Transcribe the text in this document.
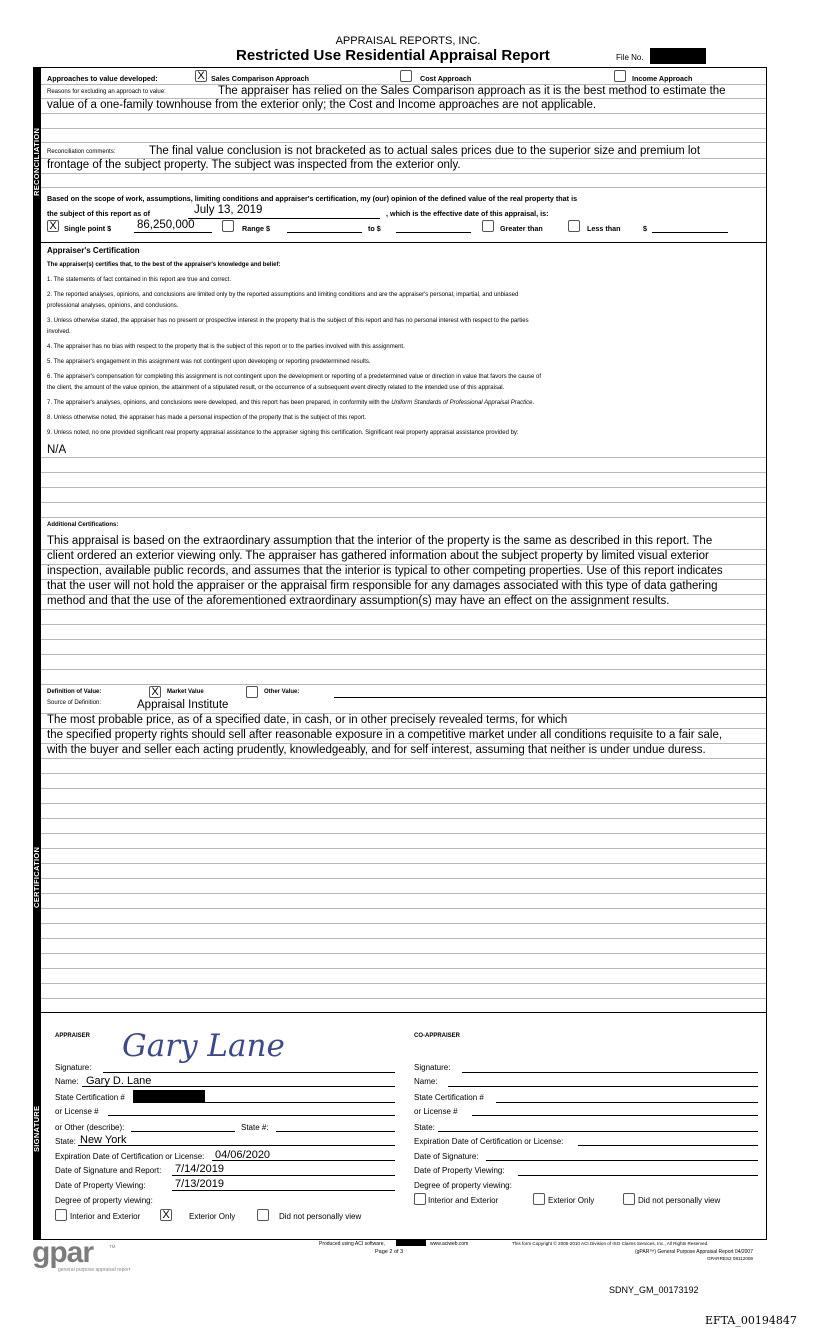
APPRAISAL REPORTS, INC.
Restricted Use Residential Appraisal Report	File No.
RECONCILIATION
CERTIFICATION
SIGNATURE
Approaches to value developed:	X Sales Comparison Approach	Cost Approach	Income Approach
Reasons for excluding an approach to value:	The appraiser has relied on the Sales Comparison approach as it is the best method to estimate the
value of a one-family townhouse from the exterior only; the Cost and Income approaches are not applicable.
Reconciliation comments:	The final value conclusion is not bracketed as to actual sales prices due to the superior size and premium lot
frontage of the subject property. The subject was inspected from the exterior only.
Based on the scope of work, assumptions, limiting conditions and appraiser's certification, my (our) opinion of the defined value of the real property that is
the subject of this report as of	July 13, 2019	, which is the effective date of this appraisal, is:
X	Single point $ 86,250,000	Range $	to $	Greater than	Less than	$
Appraiser's Certification
The appraiser(s) certifies that, to the best of the appraiser's knowledge and belief:
1. The statements of fact contained in this report are true and correct.
2. The reported analyses, opinions, and conclusions are limited only by the reported assumptions and limiting conditions and are the appraiser's personal, impartial, and unbiased
professional analyses, opinions, and conclusions.
3. Unless otherwise stated, the appraiser has no present or prospective interest in the property that is the subject of this report and has no personal interest with respect to the parties
involved.
4. The appraiser has no bias with respect to the property that is the subject of this report or to the parties involved with this assignment.
5. The appraiser's engagement in this assignment was not contingent upon developing or reporting predetermined results.
6. The appraiser's compensation for completing this assignment is not contingent upon the development or reporting of a predetermined value or direction in value that favors the cause of
the client, the amount of the value opinion, the attainment of a stipulated result, or the occurrence of a subsequent event directly related to the intended use of this appraisal.
7. The appraiser's analyses, opinions, and conclusions were developed, and this report has been prepared, in conformity with the Uniform Standards of Professional Appraisal Practice.
8. Unless otherwise noted, the appraiser has made a personal inspection of the property that is the subject of this report.
9. Unless noted, no one provided significant real property appraisal assistance to the appraiser signing this certification. Significant real property appraisal assistance provided by:
N/A
Additional Certifications:
This appraisal is based on the extraordinary assumption that the interior of the property is the same as described in this report. The
client ordered an exterior viewing only. The appraiser has gathered information about the subject property by limited visual exterior
inspection, available public records, and assumes that the interior is typical to other competing properties. Use of this report indicates
that the user will not hold the appraiser or the appraisal firm responsible for any damages associated with this type of data gathering
method and that the use of the aforementioned extraordinary assumption(s) may have an effect on the assignment results.
Definition of Value:	X	Market Value	Other Value:
Source of Definition:	Appraisal Institute
The most probable price, as of a specified date, in cash, or in other precisely revealed terms, for which
the specified property rights should sell after reasonable exposure in a competitive market under all conditions requisite to a fair sale,
with the buyer and seller each acting prudently, knowledgeably, and for self interest, assuming that neither is under undue duress.
APPRAISER	CO-APPRAISER
Signature:
Gary Lane
Name: Gary D. Lane
State Certification #
or License #
or Other (describe):	State #:
State: New York
Expiration Date of Certification or License: 04/06/2020
Date of Signature and Report: 7/14/2019
Date of Property Viewing:	7/13/2019
Degree of property viewing:
Interior and Exterior X Exterior Only	Did not personally view
Signature:
Name:
State Certification #
or License #
State:
Expiration Date of Certification or License:
Date of Signature:
Date of Property Viewing:
Degree of property viewing:
Interior and Exterior	Exterior Only	Did not personally view
gpar	TM
general purpose appraisal report
Produced using ACI software,	www.aciweb.com
Page 2 of 3
This form Copyright © 2005-2010 ACI Division of ISO Claims Services, Inc., All Rights Reserved.
(gPAR™) General Purpose Appraisal Report 04/2007
GPARRES2 08112008
SDNY_GM_00173192
EFTA_00194847
